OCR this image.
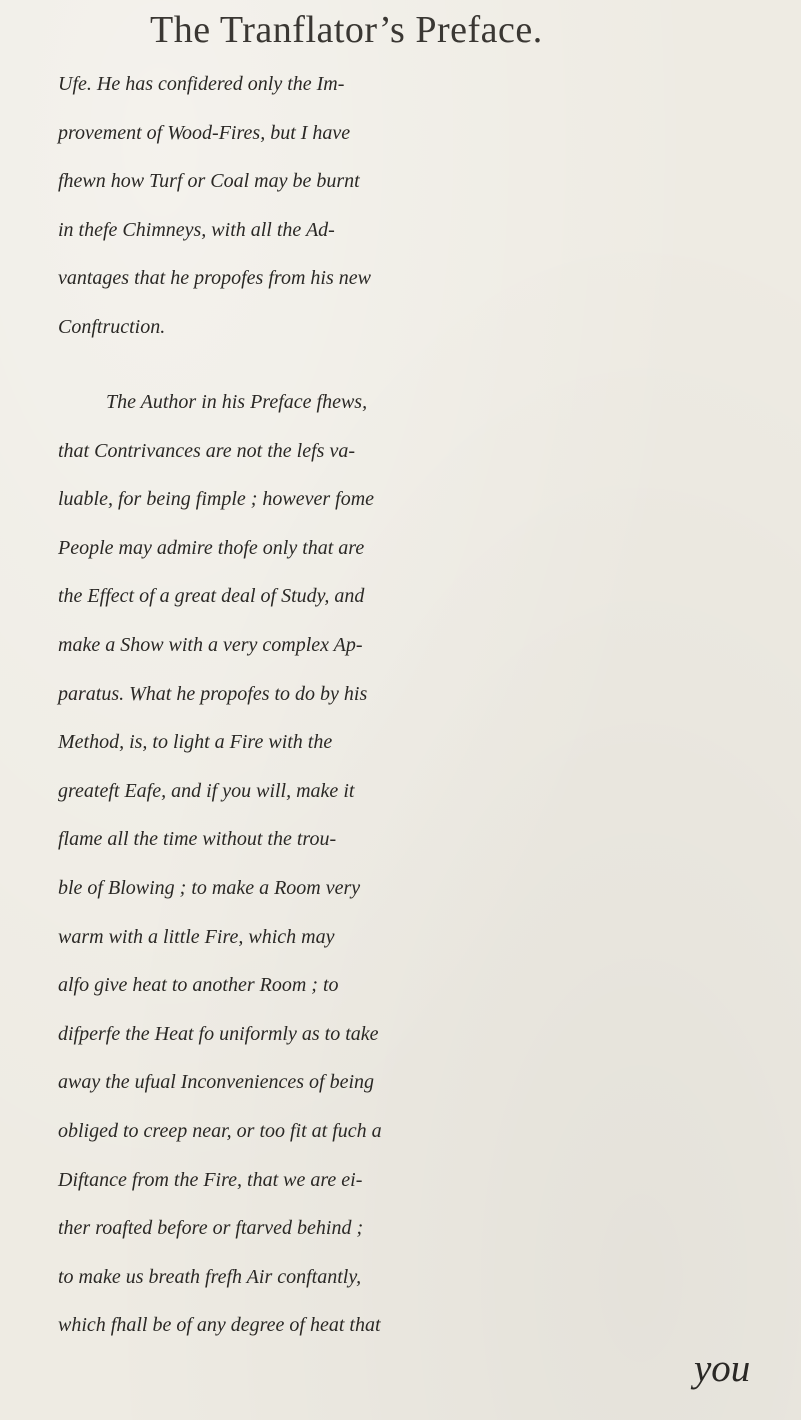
The Tranflator’s Preface.
Ufe. He has confidered only the Im-
provement of Wood-Fires, but I have
fhewn how Turf or Coal may be burnt
in thefe Chimneys, with all the Ad-
vantages that he propofes from his new
Conftruction.
The Author in his Preface fhews,
that Contrivances are not the lefs va-
luable, for being fimple ; however fome
People may admire thofe only that are
the Effect of a great deal of Study, and
make a Show with a very complex Ap-
paratus. What he propofes to do by his
Method, is, to light a Fire with the
greateft Eafe, and if you will, make it
flame all the time without the trou-
ble of Blowing ; to make a Room very
warm with a little Fire, which may
alfo give heat to another Room ; to
difperfe the Heat fo uniformly as to take
away the ufual Inconveniences of being
obliged to creep near, or too fit at fuch a
Diftance from the Fire, that we are ei-
ther roafted before or ftarved behind ;
to make us breath frefh Air conftantly,
which fhall be of any degree of heat that
you
